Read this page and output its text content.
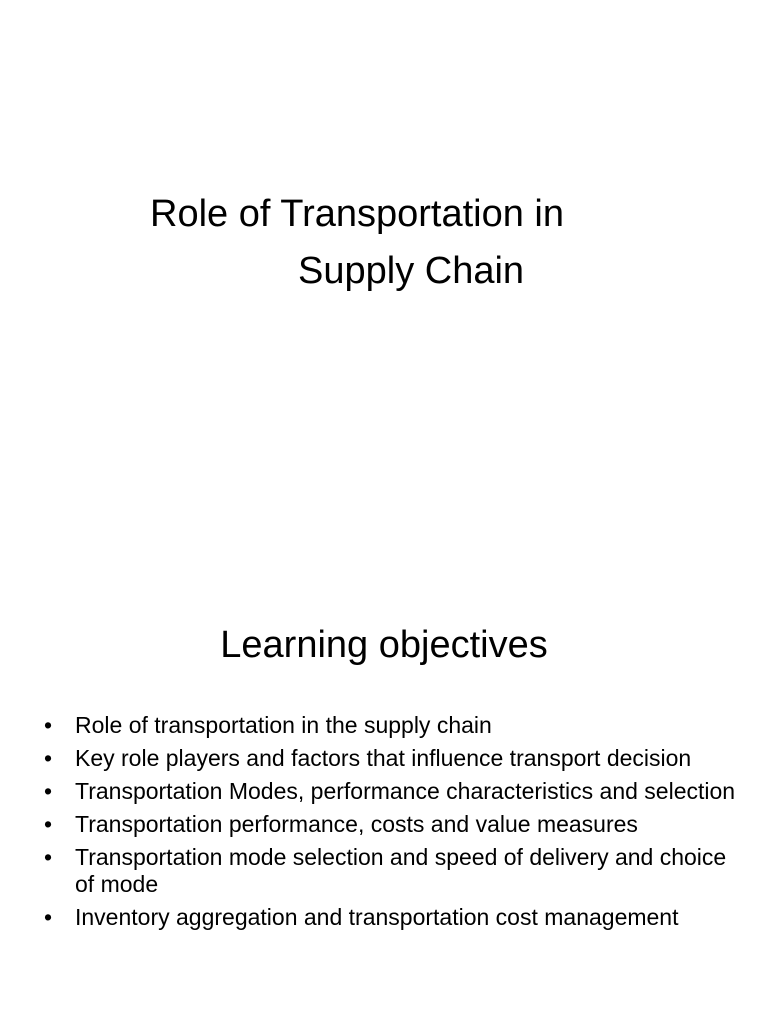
Role of Transportation in
Supply Chain
Learning objectives
• Role of transportation in the supply chain
• Key role players and factors that influence transport decision
• Transportation Modes, performance characteristics and selection
• Transportation performance, costs and value measures
• Transportation mode selection and speed of delivery and choice of mode
• Inventory aggregation and transportation cost management
